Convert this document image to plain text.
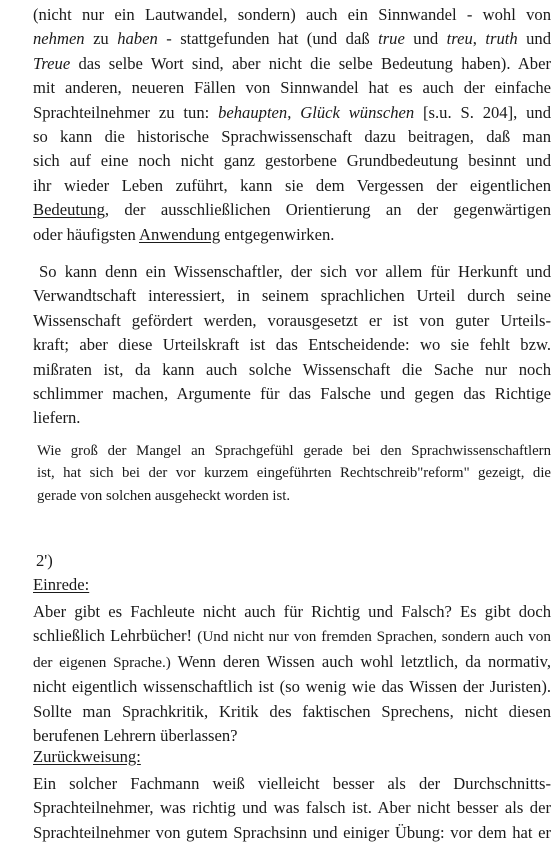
(nicht nur ein Lautwandel, sondern) auch ein Sinnwandel - wohl von
nehmen zu haben - stattgefunden hat (und daß true und treu, truth und
Treue das selbe Wort sind, aber nicht die selbe Bedeutung haben). Aber
mit anderen, neueren Fällen von Sinnwandel hat es auch der einfache
Sprachteilnehmer zu tun: behaupten, Glück wünschen [s.u. S. 204], und
so kann die historische Sprachwissenschaft dazu beitragen, daß man
sich auf eine noch nicht ganz gestorbene Grundbedeutung besinnt und
ihr wieder Leben zuführt, kann sie dem Vergessen der eigentlichen
Bedeutung, der ausschließlichen Orientierung an der gegenwärtigen
oder häufigsten Anwendung entgegenwirken.
So kann denn ein Wissenschaftler, der sich vor allem für Herkunft und
Verwandtschaft interessiert, in seinem sprachlichen Urteil durch seine
Wissenschaft gefördert werden, vorausgesetzt er ist von guter Urteils-
kraft; aber diese Urteilskraft ist das Entscheidende: wo sie fehlt bzw.
mißraten ist, da kann auch solche Wissenschaft die Sache nur noch
schlimmer machen, Argumente für das Falsche und gegen das Richtige
liefern.
Wie groß der Mangel an Sprachgefühl gerade bei den Sprachwissenschaftlern
ist, hat sich bei der vor kurzem eingeführten Rechtschreib"reform" gezeigt, die
gerade von solchen ausgeheckt worden ist.

2')

Einrede:

Aber gibt es Fachleute nicht auch für Richtig und Falsch? Es gibt doch
schließlich Lehrbücher! (Und nicht nur von fremden Sprachen, sondern auch von
der eigenen Sprache.) Wenn deren Wissen auch wohl letztlich, da normativ,
nicht eigentlich wissenschaftlich ist (so wenig wie das Wissen der Juristen).
Sollte man Sprachkritik, Kritik des faktischen Sprechens, nicht diesen
berufenen Lehrern überlassen?

Zurückweisung:

Ein solcher Fachmann weiß vielleicht besser als der Durchschnitts-
Sprachteilnehmer, was richtig und was falsch ist. Aber nicht besser als der
Sprachteilnehmer von gutem Sprachsinn und einiger Übung: vor dem hat er
